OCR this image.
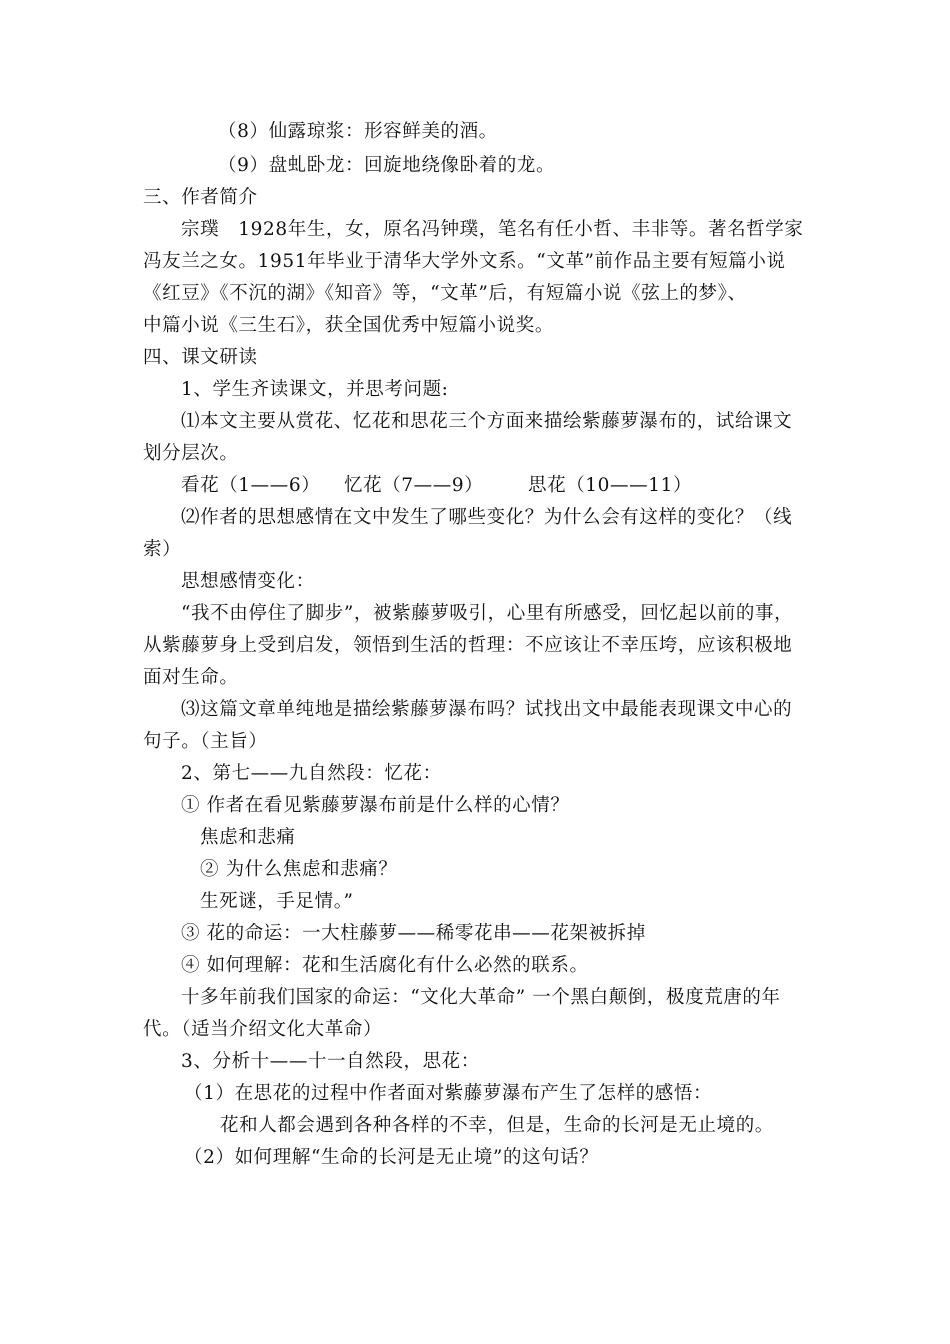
（8）仙露琼浆：形容鲜美的酒。
（9）盘虬卧龙：回旋地绕像卧着的龙。
三、作者简介
宗璞　1928年生，女，原名冯钟璞，笔名有任小哲、丰非等。著名哲学家
冯友兰之女。1951年毕业于清华大学外文系。“文革”前作品主要有短篇小说
《红豆》《不沉的湖》《知音》等，“文革”后，有短篇小说《弦上的梦》、
中篇小说《三生石》，获全国优秀中短篇小说奖。
四、课文研读
1、学生齐读课文，并思考问题:
⑴本文主要从赏花、忆花和思花三个方面来描绘紫藤萝瀑布的，试给课文
划分层次。
看花（1——6） 忆花（7——9） 思花（10——11）
⑵作者的思想感情在文中发生了哪些变化？为什么会有这样的变化？（线
索）
思想感情变化：
“我不由停住了脚步”，被紫藤萝吸引，心里有所感受，回忆起以前的事，
从紫藤萝身上受到启发，领悟到生活的哲理：不应该让不幸压垮，应该积极地
面对生命。
⑶这篇文章单纯地是描绘紫藤萝瀑布吗？试找出文中最能表现课文中心的
句子。（主旨）
2、第七——九自然段：忆花：
① 作者在看见紫藤萝瀑布前是什么样的心情？
焦虑和悲痛
② 为什么焦虑和悲痛？
生死谜，手足情。”
③ 花的命运：一大柱藤萝——稀零花串——花架被拆掉
④ 如何理解：花和生活腐化有什么必然的联系。
十多年前我们国家的命运：“文化大革命” 一个黑白颠倒，极度荒唐的年
代。（适当介绍文化大革命）
3、分析十——十一自然段，思花：
（1）在思花的过程中作者面对紫藤萝瀑布产生了怎样的感悟：
花和人都会遇到各种各样的不幸，但是，生命的长河是无止境的。
（2）如何理解“生命的长河是无止境”的这句话？
